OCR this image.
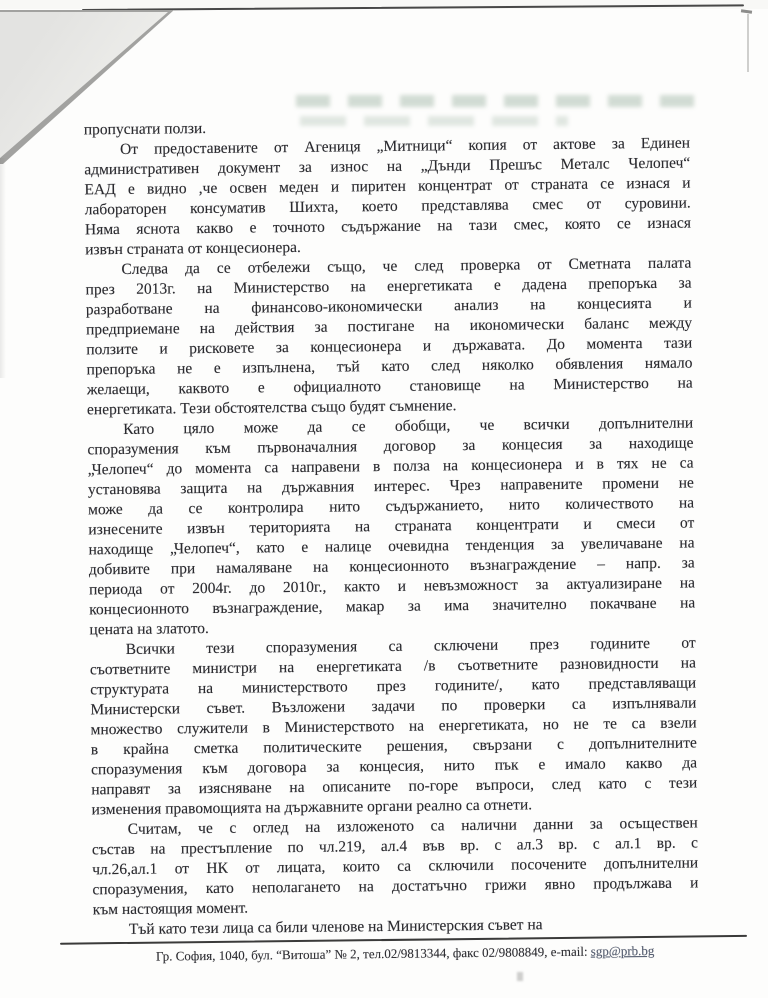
пропуснати ползи.
От предоставените от Агениця „Митници“ копия от актове за Единен
административен документ за износ на „Дънди Прешъс Металс Челопеч“
ЕАД е видно ,че освен меден и пиритен концентрат от страната се изнася и
лабораторен консуматив Шихта, което представлява смес от суровини.
Няма яснота какво е точното съдържание на тази смес, която се изнася
извън страната от концесионера.
Следва да се отбележи също, че след проверка от Сметната палата
през 2013г. на Министерство на енергетиката е дадена препоръка за
разработване на финансово-икономически анализ на концесията и
предприемане на действия за постигане на икономически баланс между
ползите и рисковете за концесионера и държавата. До момента тази
препоръка не е изпълнена, тъй като след няколко обявления нямало
желаещи, каквото е официалното становище на Министерство на
енергетиката. Тези обстоятелства също будят съмнение.
Като цяло може да се обобщи, че всички допълнителни
споразумения към първоначалния договор за концесия за находище
„Челопеч“ до момента са направени в полза на концесионера и в тях не са
установява защита на държавния интерес. Чрез направените промени не
може да се контролира нито съдържанието, нито количеството на
изнесените извън територията на страната концентрати и смеси от
находище „Челопеч“, като е налице очевидна тенденция за увеличаване на
добивите при намаляване на концесионното възнаграждение – напр. за
периода от 2004г. до 2010г., както и невъзможност за актуализиране на
концесионното възнаграждение, макар за има значително покачване на
цената на златото.
Всички тези споразумения са сключени през годините от
съответните министри на енергетиката /в съответните разновидности на
структурата на министерството през годините/, като представляващи
Министерски съвет. Възложени задачи по проверки са изпълнявали
множество служители в Министерството на енергетиката, но не те са взели
в крайна сметка политическите решения, свързани с допълнителните
споразумения към договора за концесия, нито пък е имало какво да
направят за изясняване на описаните по-горе въпроси, след като с тези
изменения правомощията на държавните органи реално са отнети.
Считам, че с оглед на изложеното са налични данни за осъществен
състав на престъпление по чл.219, ал.4 във вр. с ал.3 вр. с ал.1 вр. с
чл.26,ал.1 от НК от лицата, които са сключили посочените допълнителни
споразумения, като неполагането на достатъчно грижи явно продължава и
към настоящия момент.
Тъй като тези лица са били членове на Министерския съвет на
Гр. София, 1040, бул. “Витоша” № 2, тел.02/9813344, факс 02/9808849, e-mail: sgp@prb.bg
